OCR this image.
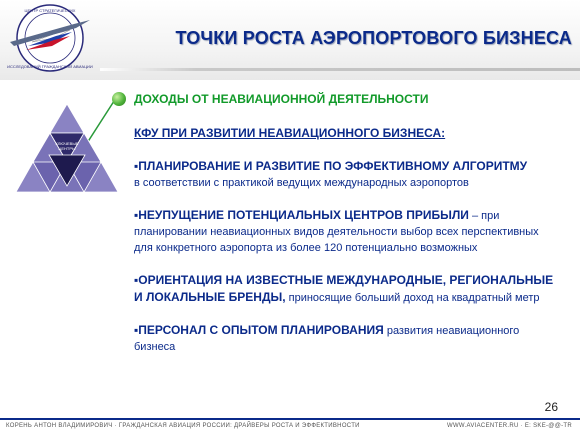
ЦЕНТР СТРАТЕГИЧЕСКИХ
ИССЛЕДОВАНИЙ ГРАЖДАНСКОЙ АВИАЦИИ
ТОЧКИ РОСТА АЭРОПОРТОВОГО БИЗНЕСА
КЛЮЧЕВЫЕ
ЦЕНТРЫ
ДОХОДЫ ОТ НЕАВИАЦИОННОЙ ДЕЯТЕЛЬНОСТИ
КФУ ПРИ РАЗВИТИИ НЕАВИАЦИОННОГО БИЗНЕСА:
▪ПЛАНИРОВАНИЕ И РАЗВИТИЕ ПО ЭФФЕКТИВНОМУ АЛГОРИТМУ
в соответствии с практикой ведущих международных аэропортов
▪НЕУПУЩЕНИЕ ПОТЕНЦИАЛЬНЫХ ЦЕНТРОВ ПРИБЫЛИ – при планировании неавиационных видов деятельности выбор всех перспективных для конкретного аэропорта из более 120 потенциально возможных
▪ОРИЕНТАЦИЯ НА ИЗВЕСТНЫЕ МЕЖДУНАРОДНЫЕ, РЕГИОНАЛЬНЫЕ И ЛОКАЛЬНЫЕ БРЕНДЫ, приносящие больший доход на квадратный метр
▪ПЕРСОНАЛ С ОПЫТОМ ПЛАНИРОВАНИЯ развития неавиационного бизнеса
26
КОРЕНЬ АНТОН ВЛАДИМИРОВИЧ · ГРАЖДАНСКАЯ АВИАЦИЯ РОССИИ: ДРАЙВЕРЫ РОСТА И ЭФФЕКТИВНОСТИ	WWW.AVIACENTER.RU · E: SKE-@@-TR
